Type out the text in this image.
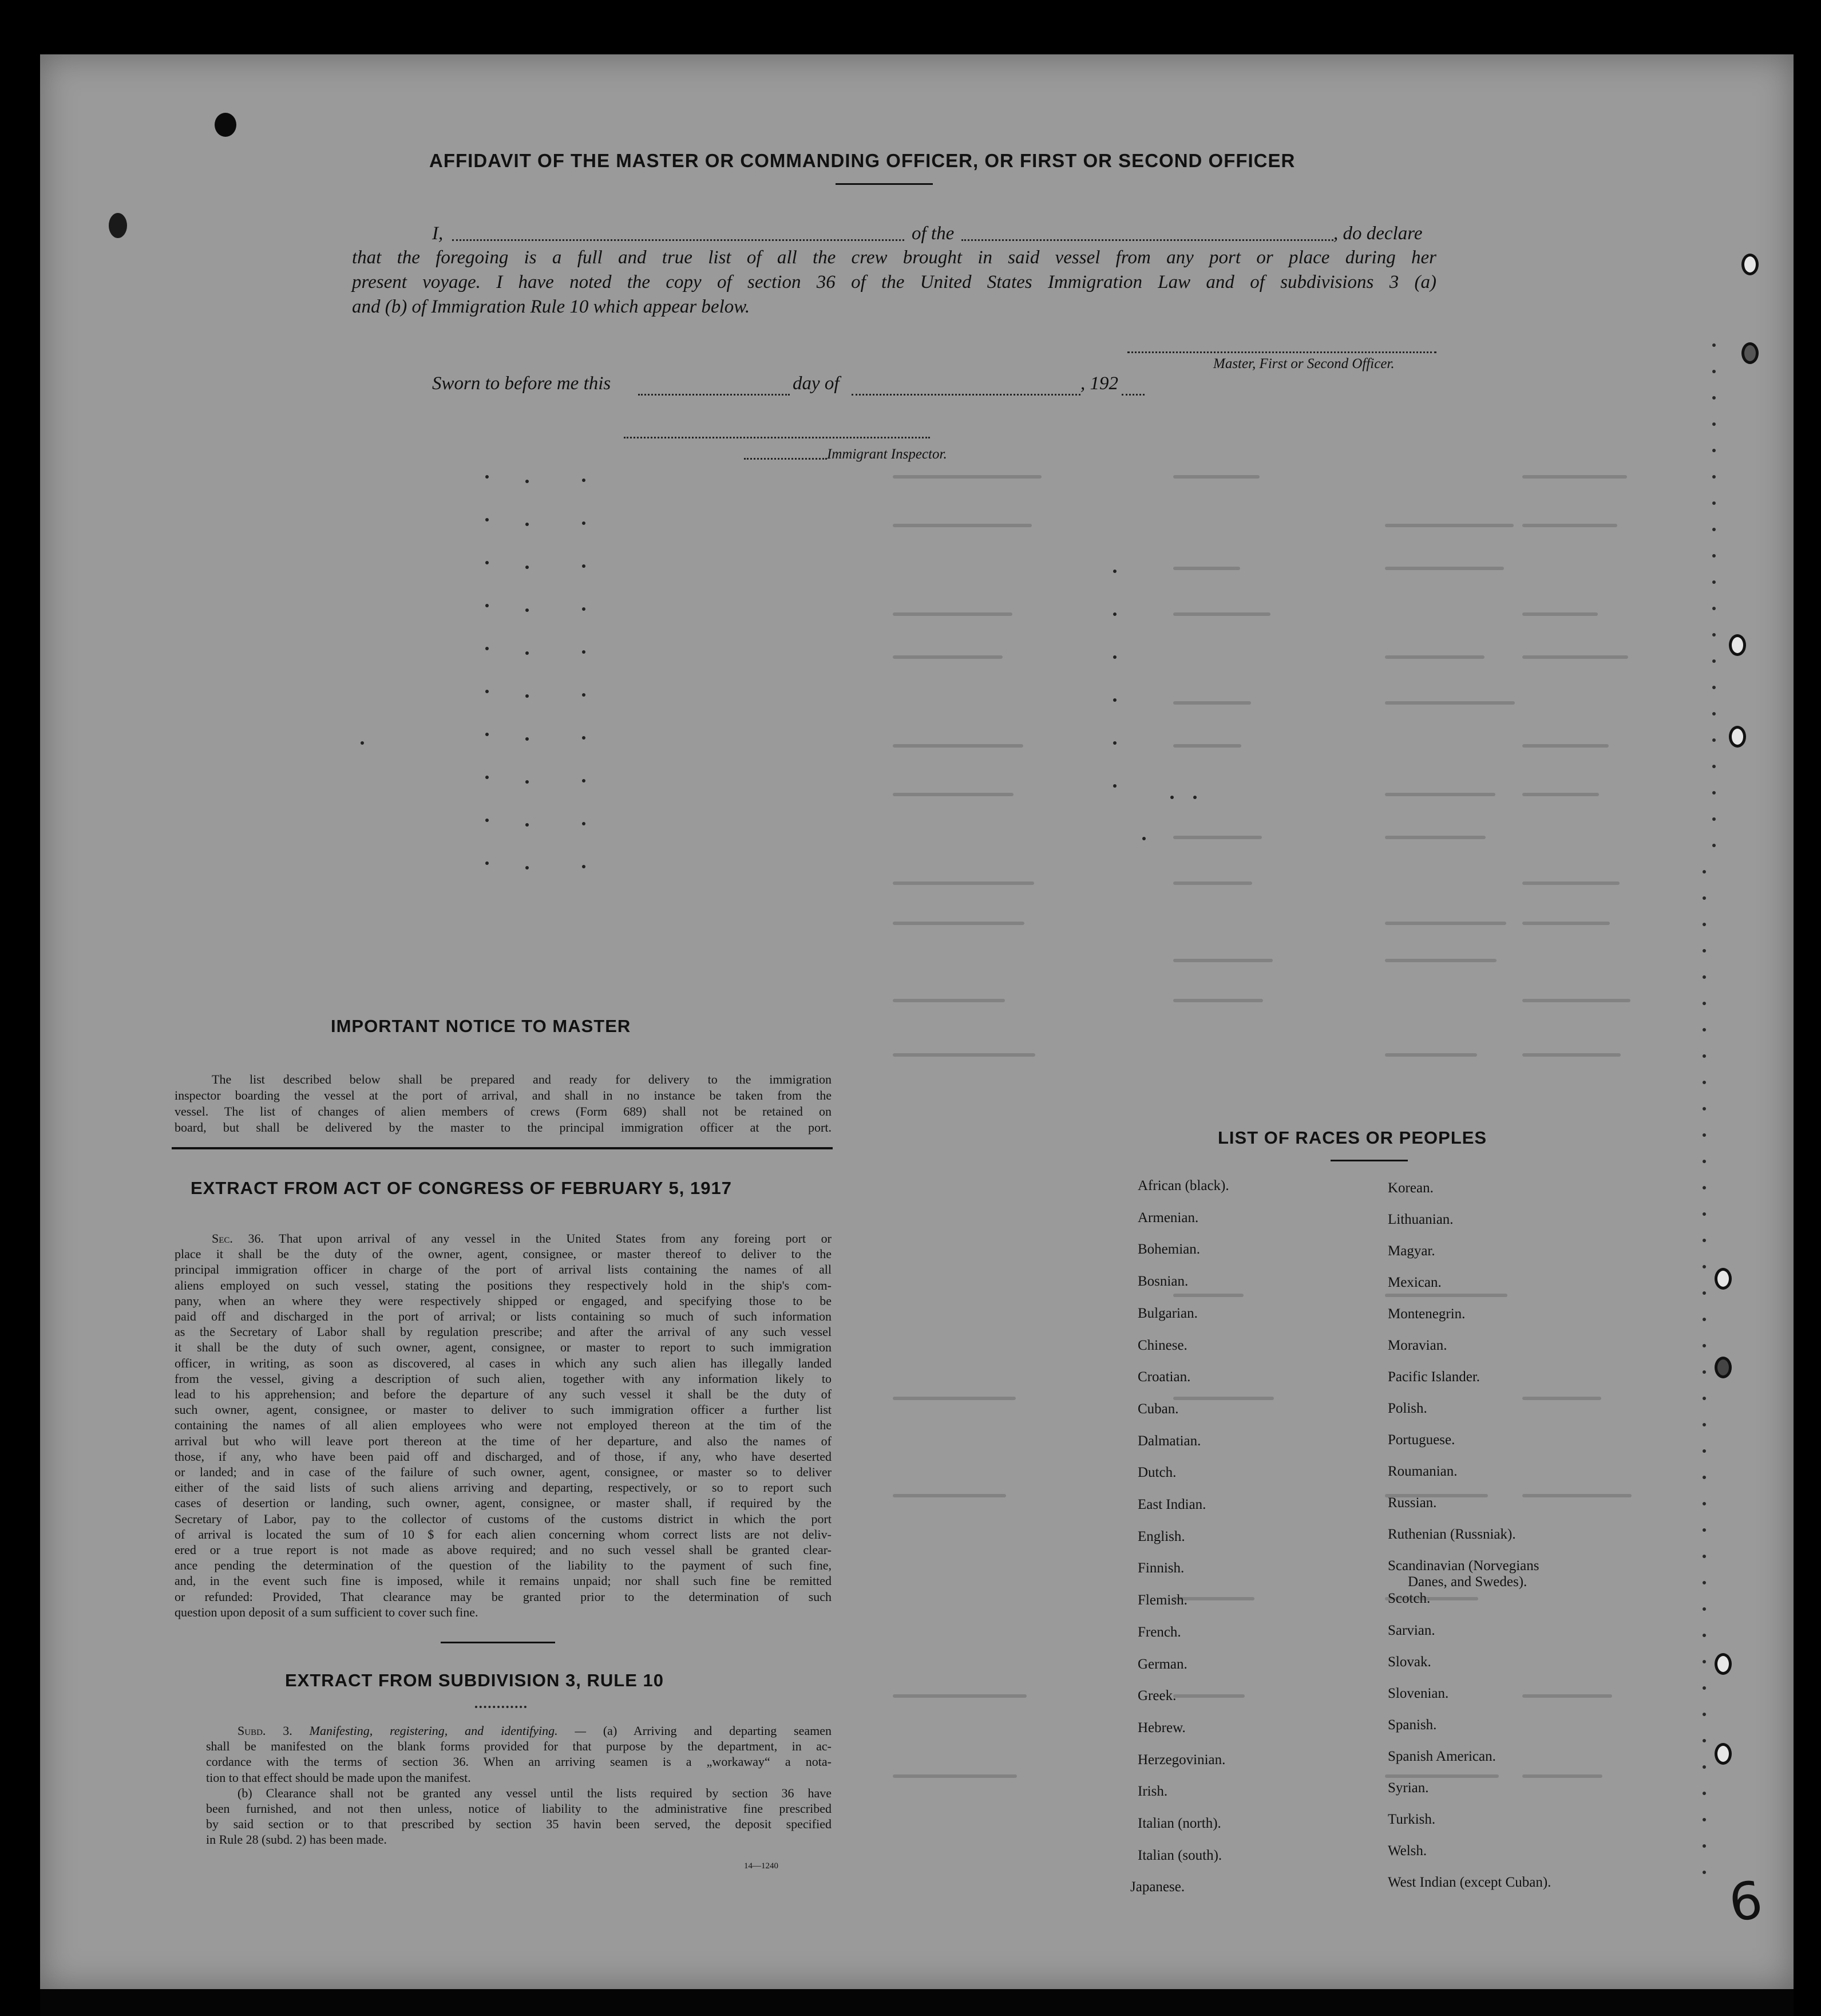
AFFIDAVIT OF THE MASTER OR COMMANDING OFFICER, OR FIRST OR SECOND OFFICER
I,	of the	, do declare
that the foregoing is a full and true list of all the crew brought in said vessel from any port or place during her
present voyage. I have noted the copy of section 36 of the United States Immigration Law and of subdivisions 3 (a)
and (b) of Immigration Rule 10 which appear below.
Master, First or Second Officer.
Sworn to before me this	day of	, 192
Immigrant Inspector.
IMPORTANT NOTICE TO MASTER
The list described below shall be prepared and ready for delivery to the immigration
inspector boarding the vessel at the port of arrival, and shall in no instance be taken from the
vessel. The list of changes of alien members of crews (Form 689) shall not be retained on
board, but shall be delivered by the master to the principal immigration officer at the port.
EXTRACT FROM ACT OF CONGRESS OF FEBRUARY 5, 1917
Sec. 36. That upon arrival of any vessel in the United States from any foreing port or
place it shall be the duty of the owner, agent, consignee, or master thereof to deliver to the
principal immigration officer in charge of the port of arrival lists containing the names of all
aliens employed on such vessel, stating the positions they respectively hold in the ship's com-
pany, when an where they were respectively shipped or engaged, and specifying those to be
paid off and discharged in the port of arrival; or lists containing so much of such information
as the Secretary of Labor shall by regulation prescribe; and after the arrival of any such vessel
it shall be the duty of such owner, agent, consignee, or master to report to such immigration
officer, in writing, as soon as discovered, al cases in which any such alien has illegally landed
from the vessel, giving a description of such alien, together with any information likely to
lead to his apprehension; and before the departure of any such vessel it shall be the duty of
such owner, agent, consignee, or master to deliver to such immigration officer a further list
containing the names of all alien employees who were not employed thereon at the tim of the
arrival but who will leave port thereon at the time of her departure, and also the names of
those, if any, who have been paid off and discharged, and of those, if any, who have deserted
or landed; and in case of the failure of such owner, agent, consignee, or master so to deliver
either of the said lists of such aliens arriving and departing, respectively, or so to report such
cases of desertion or landing, such owner, agent, consignee, or master shall, if required by the
Secretary of Labor, pay to the collector of customs of the customs district in which the port
of arrival is located the sum of 10 $ for each alien concerning whom correct lists are not deliv-
ered or a true report is not made as above required; and no such vessel shall be granted clear-
ance pending the determination of the question of the liability to the payment of such fine,
and, in the event such fine is imposed, while it remains unpaid; nor shall such fine be remitted
or refunded: Provided, That clearance may be granted prior to the determination of such
question upon deposit of a sum sufficient to cover such fine.
EXTRACT FROM SUBDIVISION 3, RULE 10
Subd. 3. Manifesting, registering, and identifying. — (a) Arriving and departing seamen
shall be manifested on the blank forms provided for that purpose by the department, in ac-
cordance with the terms of section 36. When an arriving seamen is a „workaway“ a nota-
tion to that effect should be made upon the manifest.
(b) Clearance shall not be granted any vessel until the lists required by section 36 have
been furnished, and not then unless, notice of liability to the administrative fine prescribed
by said section or to that prescribed by section 35 havin been served, the deposit specified
in Rule 28 (subd. 2) has been made.
14—1240
LIST OF RACES OR PEOPLES
African (black).
Armenian.
Bohemian.
Bosnian.
Bulgarian.
Chinese.
Croatian.
Cuban.
Dalmatian.
Dutch.
East Indian.
English.
Finnish.
Flemish.
French.
German.
Greek.
Hebrew.
Herzegovinian.
Irish.
Italian (north).
Italian (south).
Japanese.
Korean.
Lithuanian.
Magyar.
Mexican.
Montenegrin.
Moravian.
Pacific Islander.
Polish.
Portuguese.
Roumanian.
Russian.
Ruthenian (Russniak).
Scandinavian (Norvegians
Danes, and Swedes).
Scotch.
Sarvian.
Slovak.
Slovenian.
Spanish.
Spanish American.
Syrian.
Turkish.
Welsh.
West Indian (except Cuban).	6
